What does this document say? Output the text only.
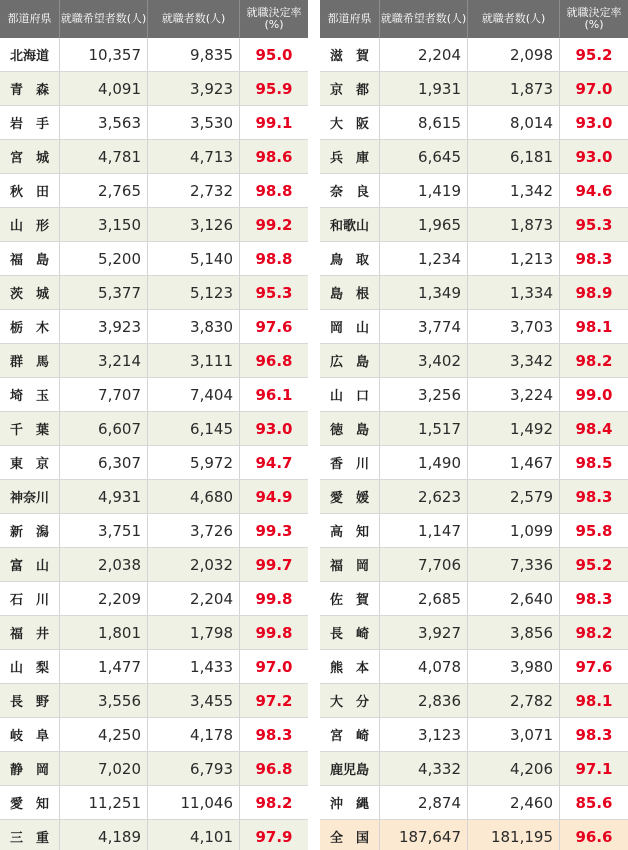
都道府県 就職希望者数(人)	就職者数(人)	就職決定率
(%)
北海道	10,357	9,835	95.0
青　森	4,091	3,923	95.9
岩　手	3,563	3,530	99.1
宮　城	4,781	4,713	98.6
秋　田	2,765	2,732	98.8
山　形	3,150	3,126	99.2
福　島	5,200	5,140	98.8
茨　城	5,377	5,123	95.3
栃　木	3,923	3,830	97.6
群　馬	3,214	3,111	96.8
埼　玉	7,707	7,404	96.1
千　葉	6,607	6,145	93.0
東　京	6,307	5,972	94.7
神奈川	4,931	4,680	94.9
新　潟	3,751	3,726	99.3
富　山	2,038	2,032	99.7
石　川	2,209	2,204	99.8
福　井	1,801	1,798	99.8
山　梨	1,477	1,433	97.0
長　野	3,556	3,455	97.2
岐　阜	4,250	4,178	98.3
静　岡	7,020	6,793	96.8
愛　知	11,251	11,046	98.2
三　重	4,189	4,101	97.9
都道府県 就職希望者数(人)	就職者数(人)	就職決定率
(%)
滋　賀	2,204	2,098	95.2
京　都	1,931	1,873	97.0
大　阪	8,615	8,014	93.0
兵　庫	6,645	6,181	93.0
奈　良	1,419	1,342	94.6
和歌山	1,965	1,873	95.3
鳥　取	1,234	1,213	98.3
島　根	1,349	1,334	98.9
岡　山	3,774	3,703	98.1
広　島	3,402	3,342	98.2
山　口	3,256	3,224	99.0
徳　島	1,517	1,492	98.4
香　川	1,490	1,467	98.5
愛　媛	2,623	2,579	98.3
高　知	1,147	1,099	95.8
福　岡	7,706	7,336	95.2
佐　賀	2,685	2,640	98.3
長　崎	3,927	3,856	98.2
熊　本	4,078	3,980	97.6
大　分	2,836	2,782	98.1
宮　崎	3,123	3,071	98.3
鹿児島	4,332	4,206	97.1
沖　縄	2,874	2,460	85.6
全　国	187,647	181,195	96.6
